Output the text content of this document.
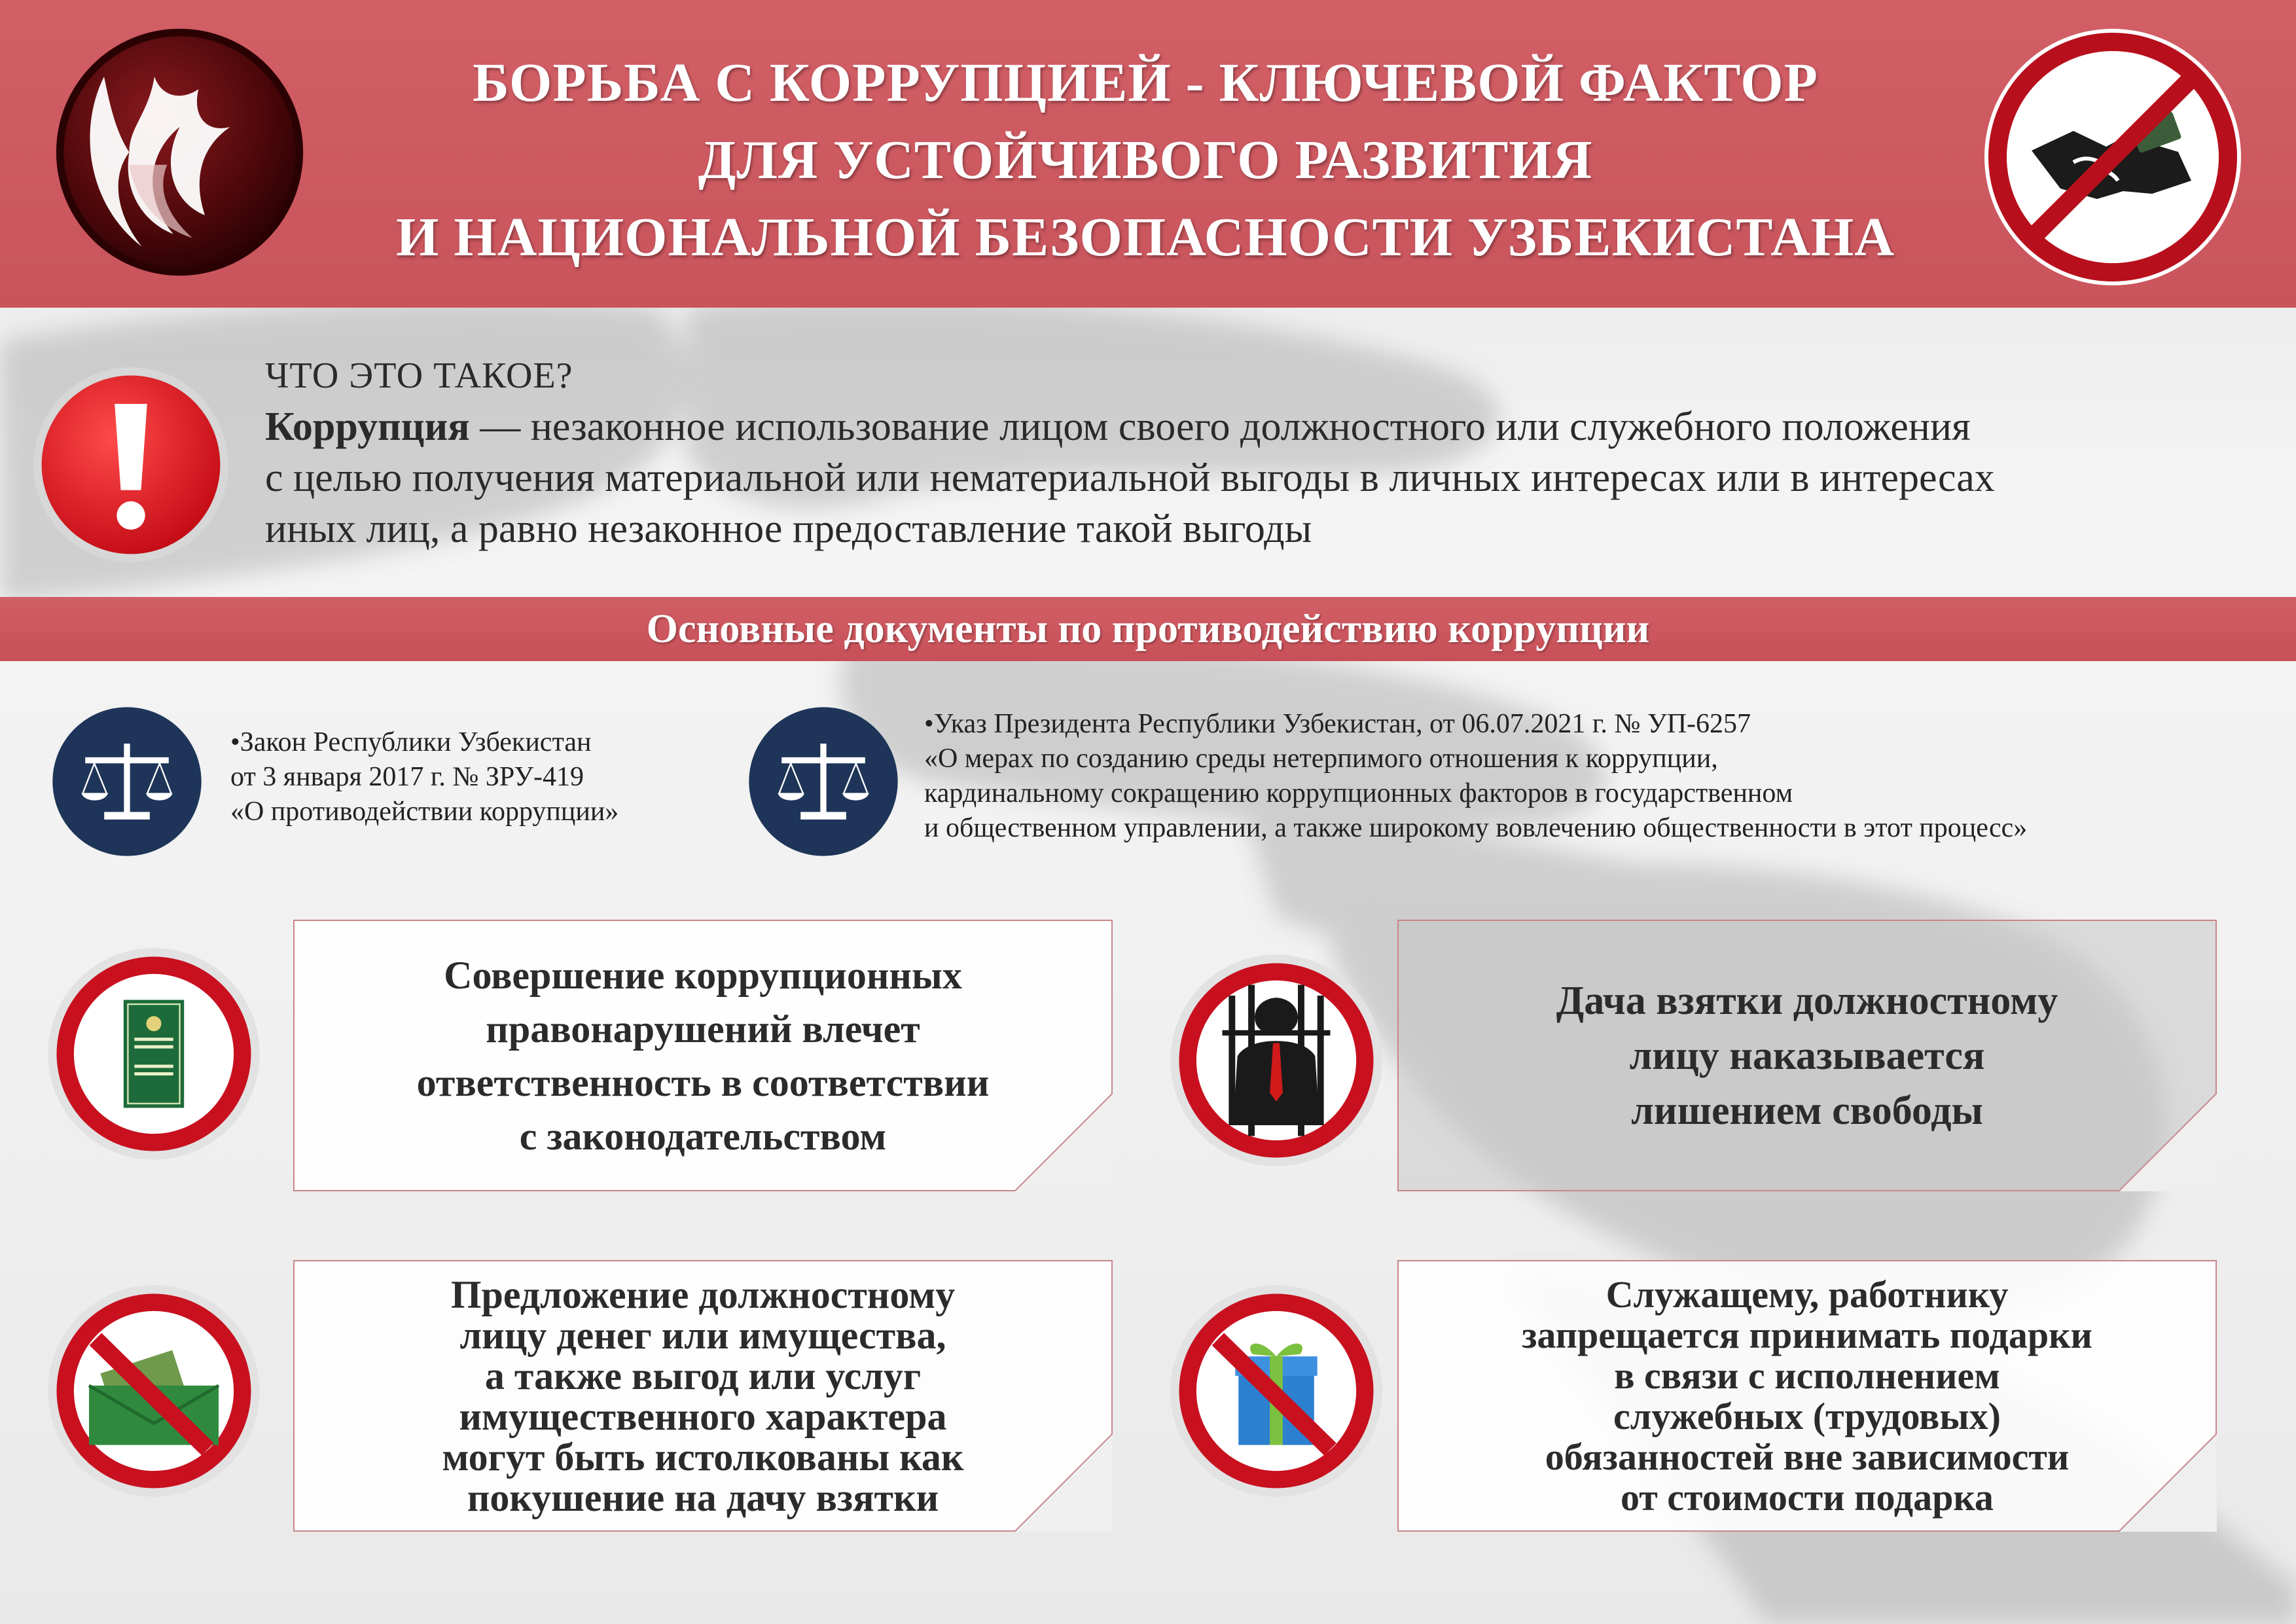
БОРЬБА С КОРРУПЦИЕЙ - КЛЮЧЕВОЙ ФАКТОР
ДЛЯ УСТОЙЧИВОГО РАЗВИТИЯ
И НАЦИОНАЛЬНОЙ БЕЗОПАСНОСТИ УЗБЕКИСТАНА
ЧТО ЭТО ТАКОЕ?
Коррупция — незаконное использование лицом своего должностного или служебного положения
с целью получения материальной или нематериальной выгоды в личных интересах или в интересах
иных лиц, а равно незаконное предоставление такой выгоды
Основные документы по противодействию коррупции
•Закон Республики Узбекистан
от 3 января 2017 г. № ЗРУ-419
«О противодействии коррупции»
•Указ Президента Республики Узбекистан, от 06.07.2021 г. № УП-6257
«О мерах по созданию среды нетерпимого отношения к коррупции,
кардинальному сокращению коррупционных факторов в государственном
и общественном управлении, а также широкому вовлечению общественности в этот процесс»
Совершение коррупционных
правонарушений влечет
ответственность в соответствии
с законодательством
Дача взятки должностному
лицу наказывается
лишением свободы
Предложение должностному
лицу денег или имущества,
а также выгод или услуг
имущественного характера
могут быть истолкованы как
покушение на дачу взятки
Служащему, работнику
запрещается принимать подарки
в связи с исполнением
служебных (трудовых)
обязанностей вне зависимости
от стоимости подарка
